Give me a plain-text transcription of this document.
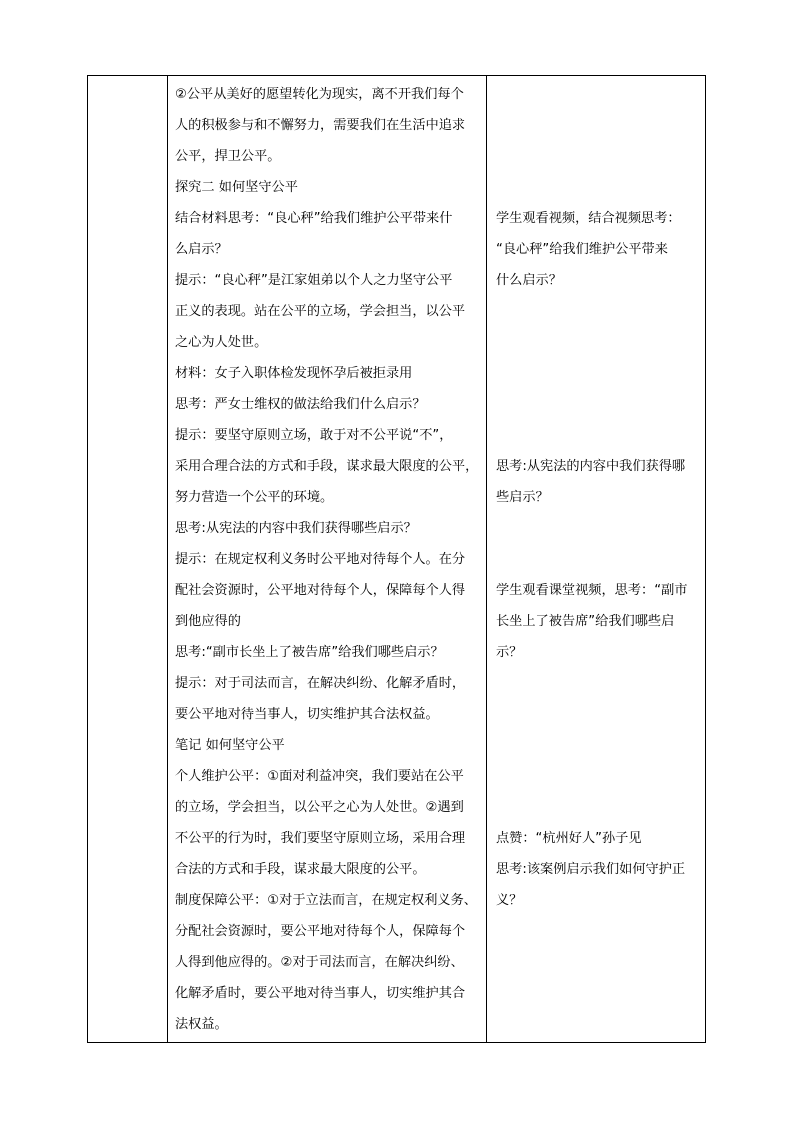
②公平从美好的愿望转化为现实，离不开我们每个
人的积极参与和不懈努力，需要我们在生活中追求
公平，捍卫公平。
探究二 如何坚守公平
结合材料思考：“良心秤”给我们维护公平带来什
么启示？
提示：“良心秤”是江家姐弟以个人之力坚守公平
正义的表现。站在公平的立场，学会担当，以公平
之心为人处世。
材料：女子入职体检发现怀孕后被拒录用
思考：严女士维权的做法给我们什么启示？
提示：要坚守原则立场，敢于对不公平说“不”，
采用合理合法的方式和手段，谋求最大限度的公平，
努力营造一个公平的环境。
思考:从宪法的内容中我们获得哪些启示？
提示：在规定权利义务时公平地对待每个人。在分
配社会资源时，公平地对待每个人，保障每个人得
到他应得的
思考:“副市长坐上了被告席”给我们哪些启示？
提示：对于司法而言，在解决纠纷、化解矛盾时，
要公平地对待当事人，切实维护其合法权益。
笔记 如何坚守公平
个人维护公平：①面对利益冲突，我们要站在公平
的立场，学会担当，以公平之心为人处世。②遇到
不公平的行为时，我们要坚守原则立场，采用合理
合法的方式和手段，谋求最大限度的公平。
制度保障公平：①对于立法而言，在规定权利义务、
分配社会资源时，要公平地对待每个人，保障每个
人得到他应得的。②对于司法而言，在解决纠纷、
化解矛盾时，要公平地对待当事人，切实维护其合
法权益。
学生观看视频，结合视频思考：
“良心秤”给我们维护公平带来
什么启示？
思考:从宪法的内容中我们获得哪
些启示？
学生观看课堂视频，思考：“副市
长坐上了被告席”给我们哪些启
示？
点赞：“杭州好人”孙子见
思考:该案例启示我们如何守护正
义？
